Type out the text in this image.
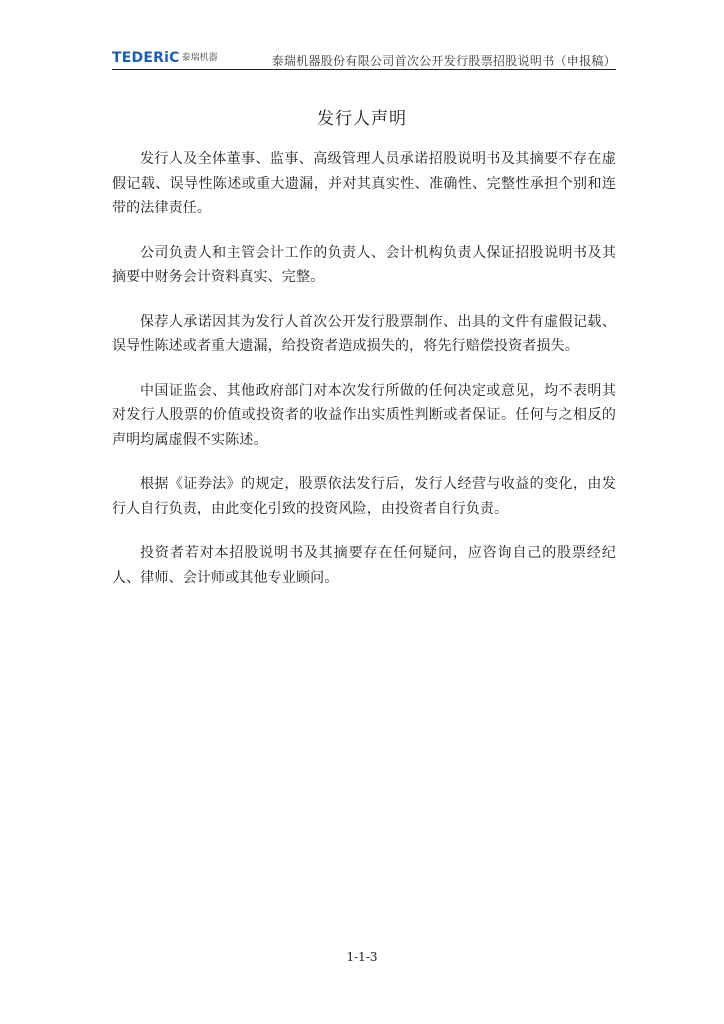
TEDERiC 泰瑞机器	泰瑞机器股份有限公司首次公开发行股票招股说明书（申报稿）
发行人声明

发行人及全体董事、监事、高级管理人员承诺招股说明书及其摘要不存在虚假记载、误导性陈述或重大遗漏，并对其真实性、准确性、完整性承担个别和连带的法律责任。

公司负责人和主管会计工作的负责人、会计机构负责人保证招股说明书及其摘要中财务会计资料真实、完整。

保荐人承诺因其为发行人首次公开发行股票制作、出具的文件有虚假记载、误导性陈述或者重大遗漏，给投资者造成损失的，将先行赔偿投资者损失。

中国证监会、其他政府部门对本次发行所做的任何决定或意见，均不表明其对发行人股票的价值或投资者的收益作出实质性判断或者保证。任何与之相反的声明均属虚假不实陈述。

根据《证券法》的规定，股票依法发行后，发行人经营与收益的变化，由发行人自行负责，由此变化引致的投资风险，由投资者自行负责。

投资者若对本招股说明书及其摘要存在任何疑问，应咨询自己的股票经纪人、律师、会计师或其他专业顾问。

1-1-3
